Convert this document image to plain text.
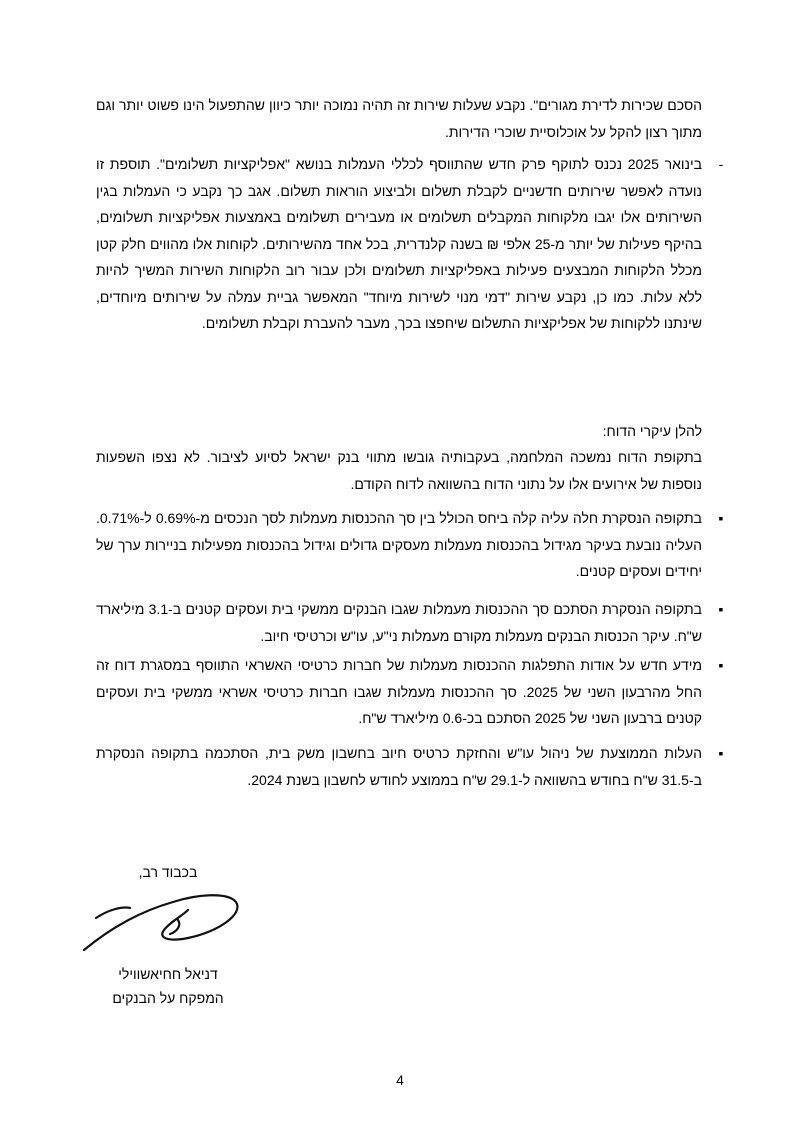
הסכם שכירות לדירת מגורים". נקבע שעלות שירות זה תהיה נמוכה יותר כיוון שהתפעול הינו פשוט יותר וגם מתוך רצון להקל על אוכלוסיית שוכרי הדירות.

-
בינואר 2025 נכנס לתוקף פרק חדש שהתווסף לכללי העמלות בנושא "אפליקציות תשלומים". תוספת זו נועדה לאפשר שירותים חדשניים לקבלת תשלום ולביצוע הוראות תשלום. אגב כך נקבע כי העמלות בגין השירותים אלו יגבו מלקוחות המקבלים תשלומים או מעבירים תשלומים באמצעות אפליקציות תשלומים, בהיקף פעילות של יותר מ-25 אלפי ₪ בשנה קלנדרית, בכל אחד מהשירותים. לקוחות אלו מהווים חלק קטן מכלל הלקוחות המבצעים פעילות באפליקציות תשלומים ולכן עבור רוב הלקוחות השירות המשיך להיות ללא עלות. כמו כן, נקבע שירות "דמי מנוי לשירות מיוחד" המאפשר גביית עמלה על שירותים מיוחדים, שינתנו ללקוחות של אפליקציות התשלום שיחפצו בכך, מעבר להעברת וקבלת תשלומים.

להלן עיקרי הדוח:

בתקופת הדוח נמשכה המלחמה, בעקבותיה גובשו מתווי בנק ישראל לסיוע לציבור. לא נצפו השפעות נוספות של אירועים אלו על נתוני הדוח בהשוואה לדוח הקודם.

▪
בתקופה הנסקרת חלה עליה קלה ביחס הכולל בין סך ההכנסות מעמלות לסך הנכסים מ-0.69% ל-0.71%. העליה נובעת בעיקר מגידול בהכנסות מעמלות מעסקים גדולים וגידול בהכנסות מפעילות בניירות ערך של יחידים ועסקים קטנים.
▪
בתקופה הנסקרת הסתכם סך ההכנסות מעמלות שגבו הבנקים ממשקי בית ועסקים קטנים ב-3.1 מיליארד ש"ח. עיקר הכנסות הבנקים מעמלות מקורם מעמלות ני"ע, עו"ש וכרטיסי חיוב.
▪
מידע חדש על אודות התפלגות ההכנסות מעמלות של חברות כרטיסי האשראי התווסף במסגרת דוח זה החל מהרבעון השני של 2025. סך ההכנסות מעמלות שגבו חברות כרטיסי אשראי ממשקי בית ועסקים קטנים ברבעון השני של 2025 הסתכם בכ-0.6 מיליארד ש"ח.
▪
העלות הממוצעת של ניהול עו"ש והחזקת כרטיס חיוב בחשבון משק בית, הסתכמה בתקופה הנסקרת ב-31.5 ש"ח בחודש בהשוואה ל-29.1 ש"ח בממוצע לחודש לחשבון בשנת 2024.
בכבוד רב,
דניאל חחיאשווילי
המפקח על הבנקים
4
